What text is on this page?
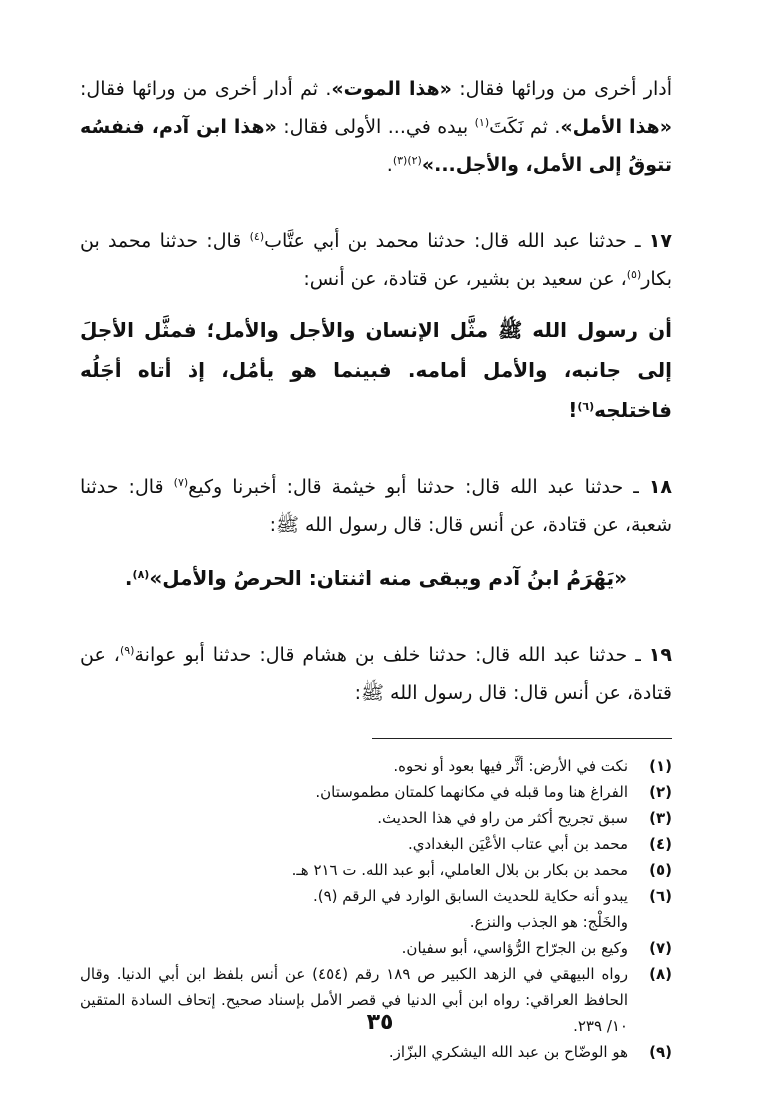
أدار أخرى من ورائها فقال: «هذا الموت». ثم أدار أخرى من ورائها فقال: «هذا الأمل». ثم نَكَتَ$^{(١)}$ بيده في... الأولى فقال: «هذا ابن آدم، فنفسُه تتوقُ إلى الأمل، والأجل...»$^{(٢)(٣)}$.

١٧ ـ حدثنا عبد الله قال: حدثنا محمد بن أبي عتَّاب$^{(٤)}$ قال: حدثنا محمد بن بكار$^{(٥)}$، عن سعيد بن بشير، عن قتادة، عن أنس:

أن رسول الله ﷺ مثَّل الإنسان والأجل والأمل؛ فمثَّل الأجلَ إلى جانبه، والأمل أمامه. فبينما هو يأمُل، إذ أتاه أجَلُه فاختلجه$^{(٦)}$!

١٨ ـ حدثنا عبد الله قال: حدثنا أبو خيثمة قال: أخبرنا وكيع$^{(٧)}$ قال: حدثنا شعبة، عن قتادة، عن أنس قال: قال رسول الله ﷺ:

«يَهْرَمُ ابنُ آدم ويبقى منه اثنتان: الحرصُ والأمل»$^{(٨)}$.

١٩ ـ حدثنا عبد الله قال: حدثنا خلف بن هشام قال: حدثنا أبو عوانة$^{(٩)}$، عن قتادة، عن أنس قال: قال رسول الله ﷺ:

(١)
نكت في الأرض: أثَّر فيها بعود أو نحوه.
(٢)
الفراغ هنا وما قبله في مكانهما كلمتان مطموستان.
(٣)
سبق تجريح أكثر من راو في هذا الحديث.
(٤)
محمد بن أبي عتاب الأعْيَن البغدادي.
(٥)
محمد بن بكار بن بلال العاملي، أبو عبد الله. ت ٢١٦ هـ.
(٦)
يبدو أنه حكاية للحديث السابق الوارد في الرقم (٩).
والخَلْج: هو الجذب والنزع.
(٧)
وكيع بن الجرّاح الرُّؤاسي، أبو سفيان.
(٨)
رواه البيهقي في الزهد الكبير ص ١٨٩ رقم (٤٥٤) عن أنس بلفظ ابن أبي الدنيا. وقال الحافظ العراقي: رواه ابن أبي الدنيا في قصر الأمل بإسناد صحيح. إتحاف السادة المتقين ١٠/ ٢٣٩.
(٩)
هو الوضّاح بن عبد الله اليشكري البزّاز.
٣٥
